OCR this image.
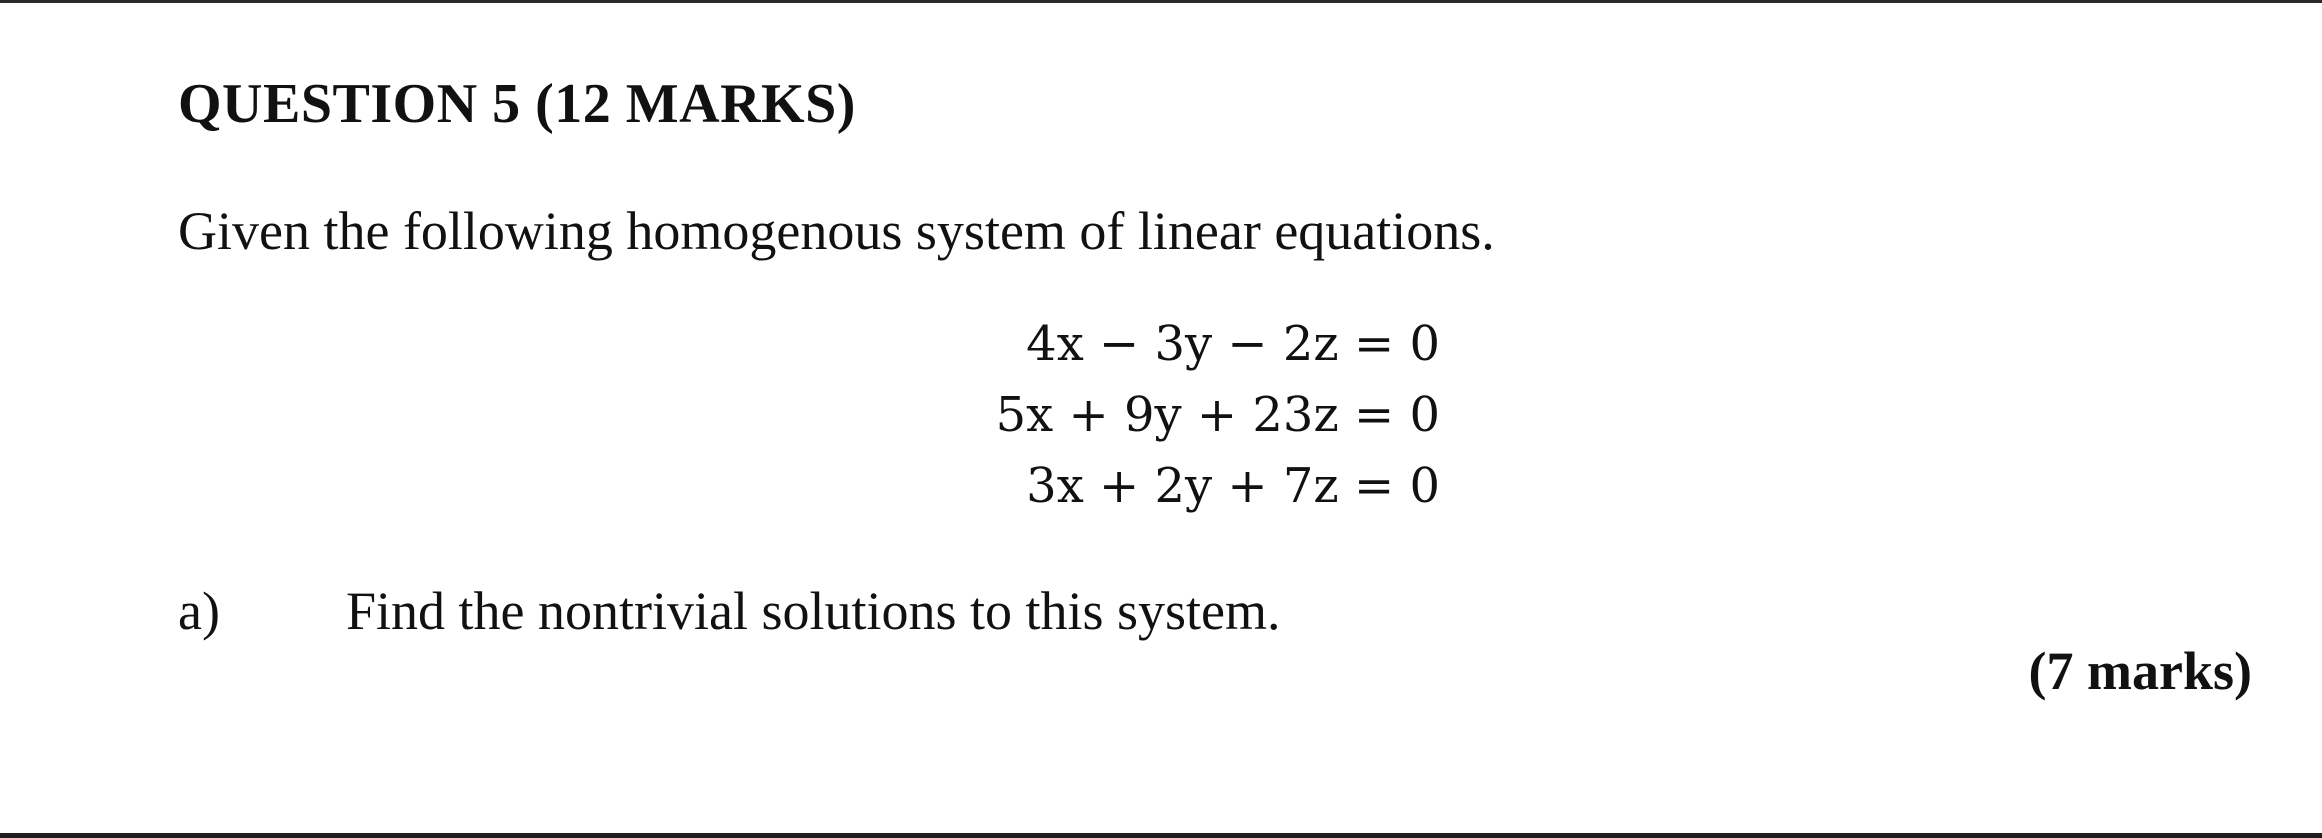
QUESTION 5 (12 MARKS)
Given the following homogenous system of linear equations.
4x − 3y − 2z = 0
5x + 9y + 23z = 0
3x + 2y + 7z = 0
a) Find the nontrivial solutions to this system.
(7 marks)
